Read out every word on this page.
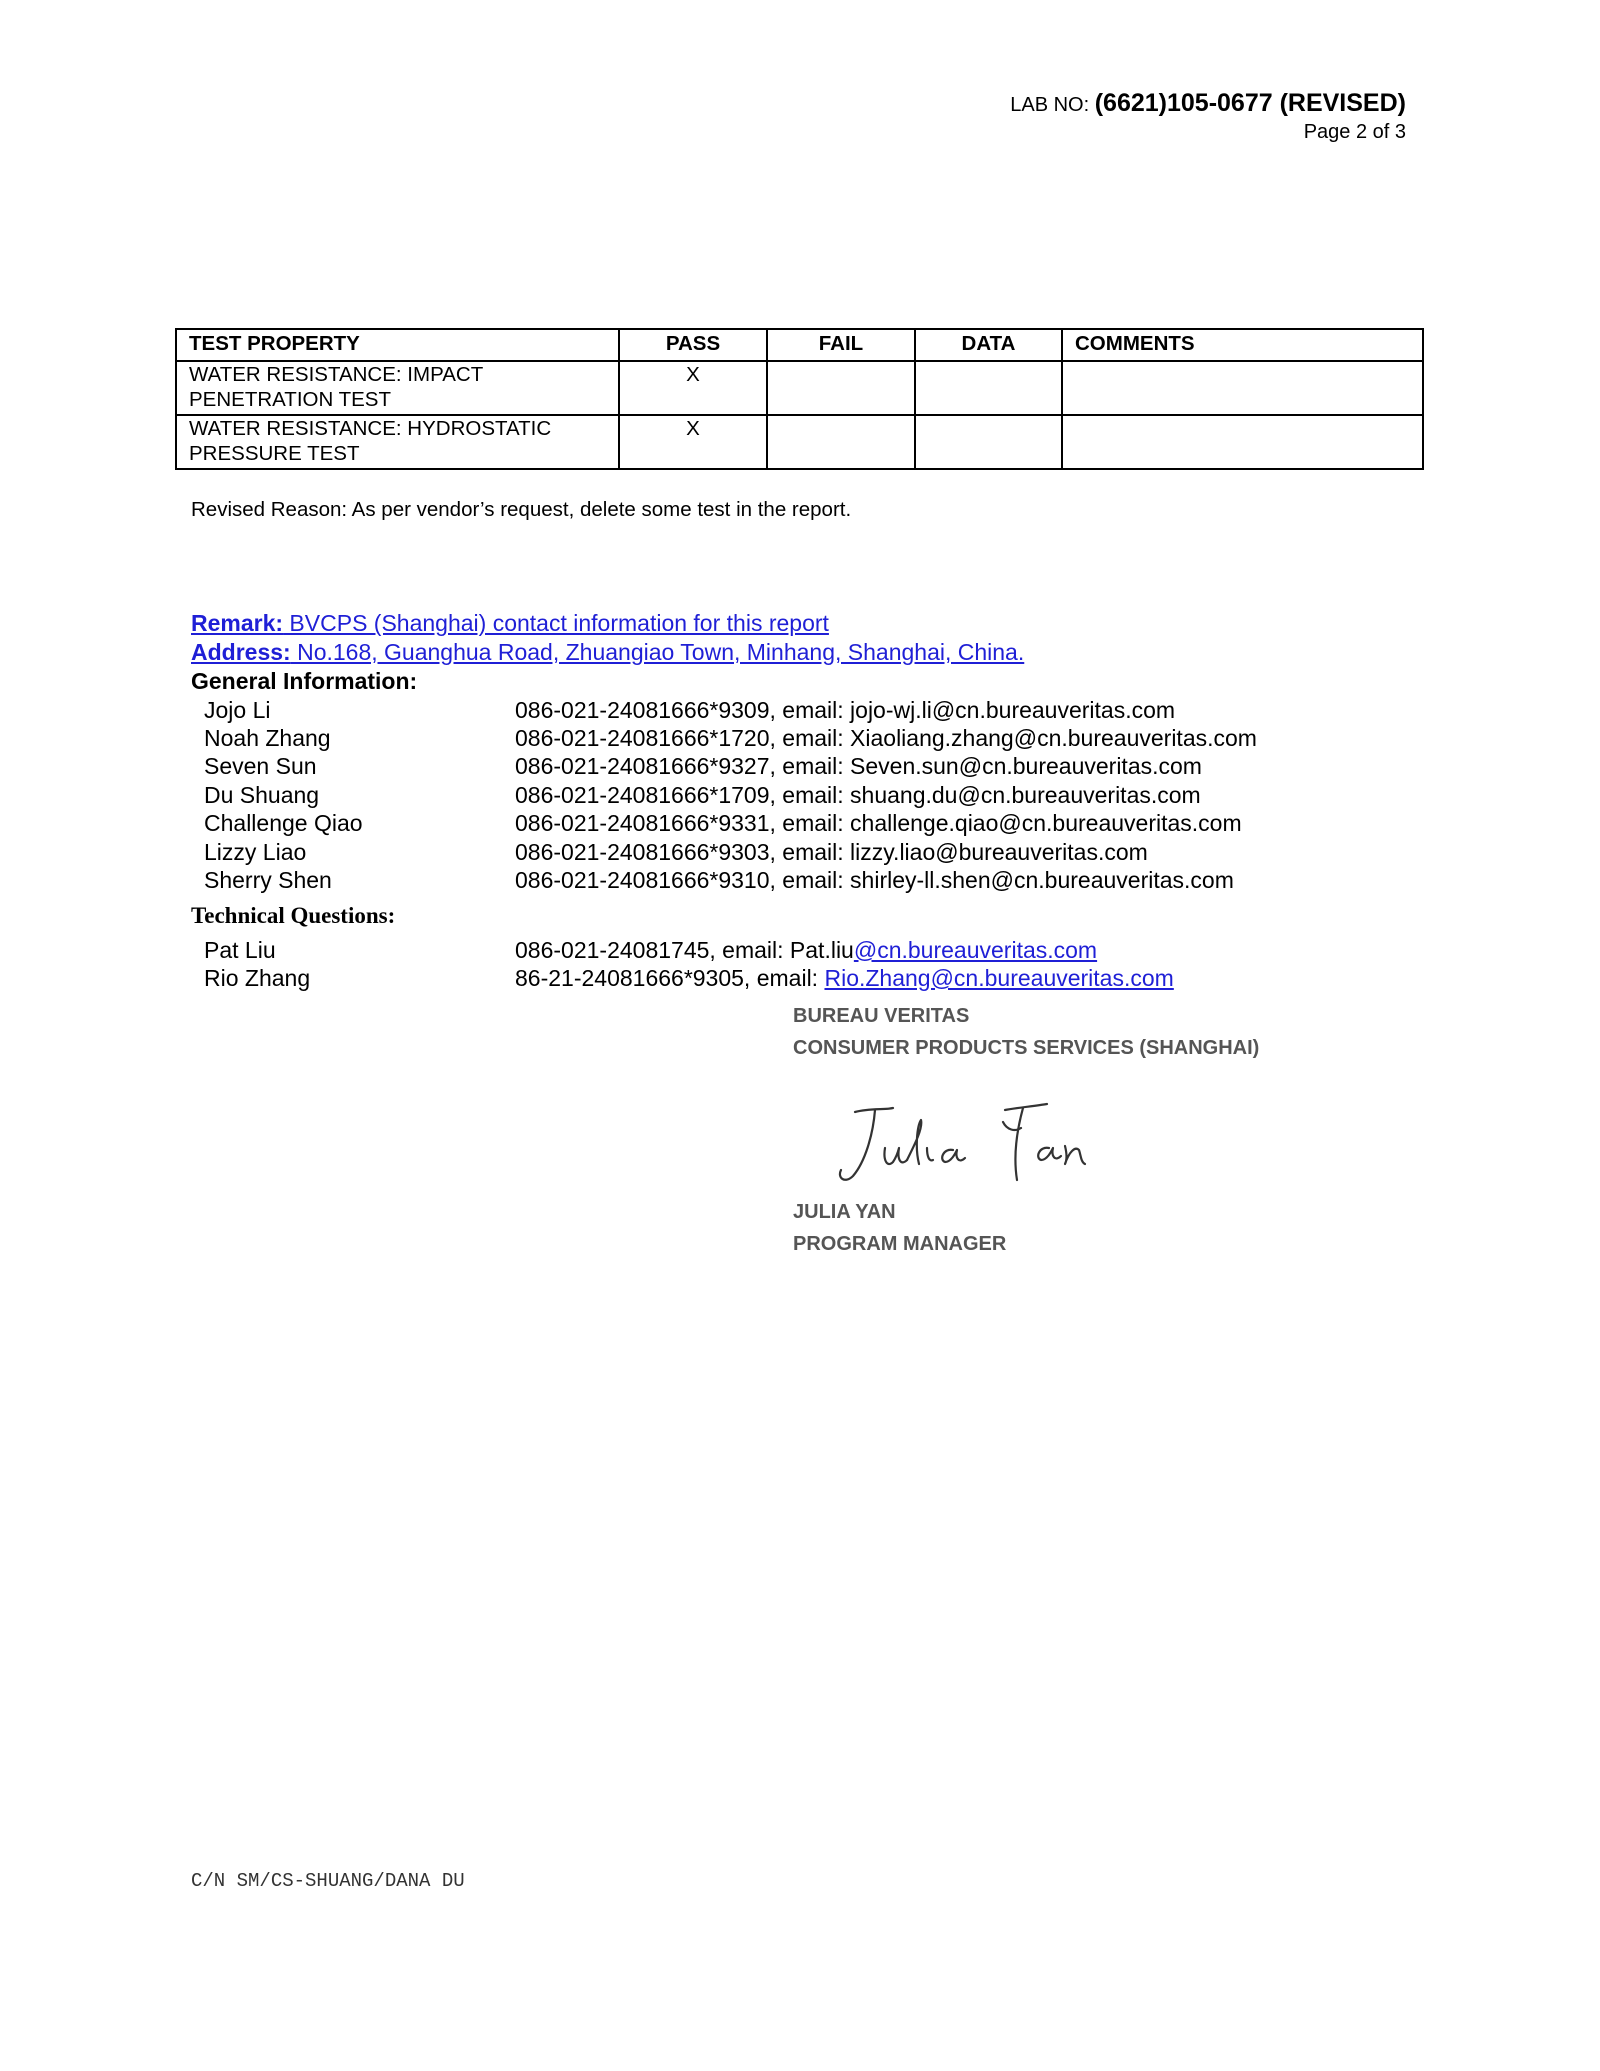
LAB NO: (6621)105-0677 (REVISED)
Page 2 of 3
TEST PROPERTY	PASS	FAIL	DATA	COMMENTS

WATER RESISTANCE: IMPACT
PENETRATION TEST	X			

WATER RESISTANCE: HYDROSTATIC
PRESSURE TEST	X			
Revised Reason: As per vendor’s request, delete some test in the report.
Remark: BVCPS (Shanghai) contact information for this report
Address: No.168, Guanghua Road, Zhuangiao Town, Minhang, Shanghai, China.
General Information:
Jojo Li	086-021-24081666*9309, email: jojo-wj.li@cn.bureauveritas.com
Noah Zhang	086-021-24081666*1720, email: Xiaoliang.zhang@cn.bureauveritas.com
Seven Sun	086-021-24081666*9327, email: Seven.sun@cn.bureauveritas.com
Du Shuang	086-021-24081666*1709, email: shuang.du@cn.bureauveritas.com
Challenge Qiao	086-021-24081666*9331, email: challenge.qiao@cn.bureauveritas.com
Lizzy Liao	086-021-24081666*9303, email: lizzy.liao@bureauveritas.com
Sherry Shen	086-021-24081666*9310, email: shirley-ll.shen@cn.bureauveritas.com
Technical Questions:
Pat Liu	086-021-24081745, email: Pat.liu@cn.bureauveritas.com
Rio Zhang	86-21-24081666*9305, email: Rio.Zhang@cn.bureauveritas.com
BUREAU VERITAS
CONSUMER PRODUCTS SERVICES (SHANGHAI)
JULIA YAN
PROGRAM MANAGER
C/N SM/CS-SHUANG/DANA DU
